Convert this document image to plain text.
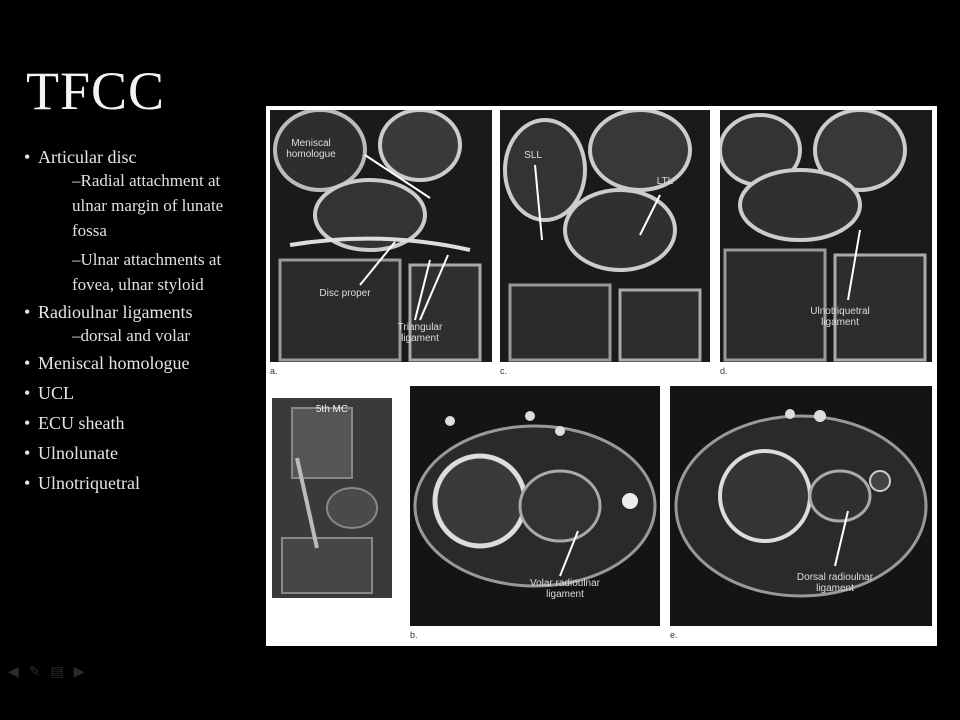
TFCC
• Articular disc
–Radial attachment at ulnar margin of lunate fossa
–Ulnar attachments at fovea, ulnar styloid
• Radioulnar ligaments
–dorsal and volar
• Meniscal homologue
• UCL
• ECU sheath
• Ulnolunate
• Ulnotriquetral
Meniscal homologue
Disc proper
Triangular ligament
a.
SLL
LTL
c.
Ulnotriquetral ligament
d.
5th MC
Volar radioulnar ligament
b.
Dorsal radioulnar ligament
e.
◀ ✎ ▤ ▶
